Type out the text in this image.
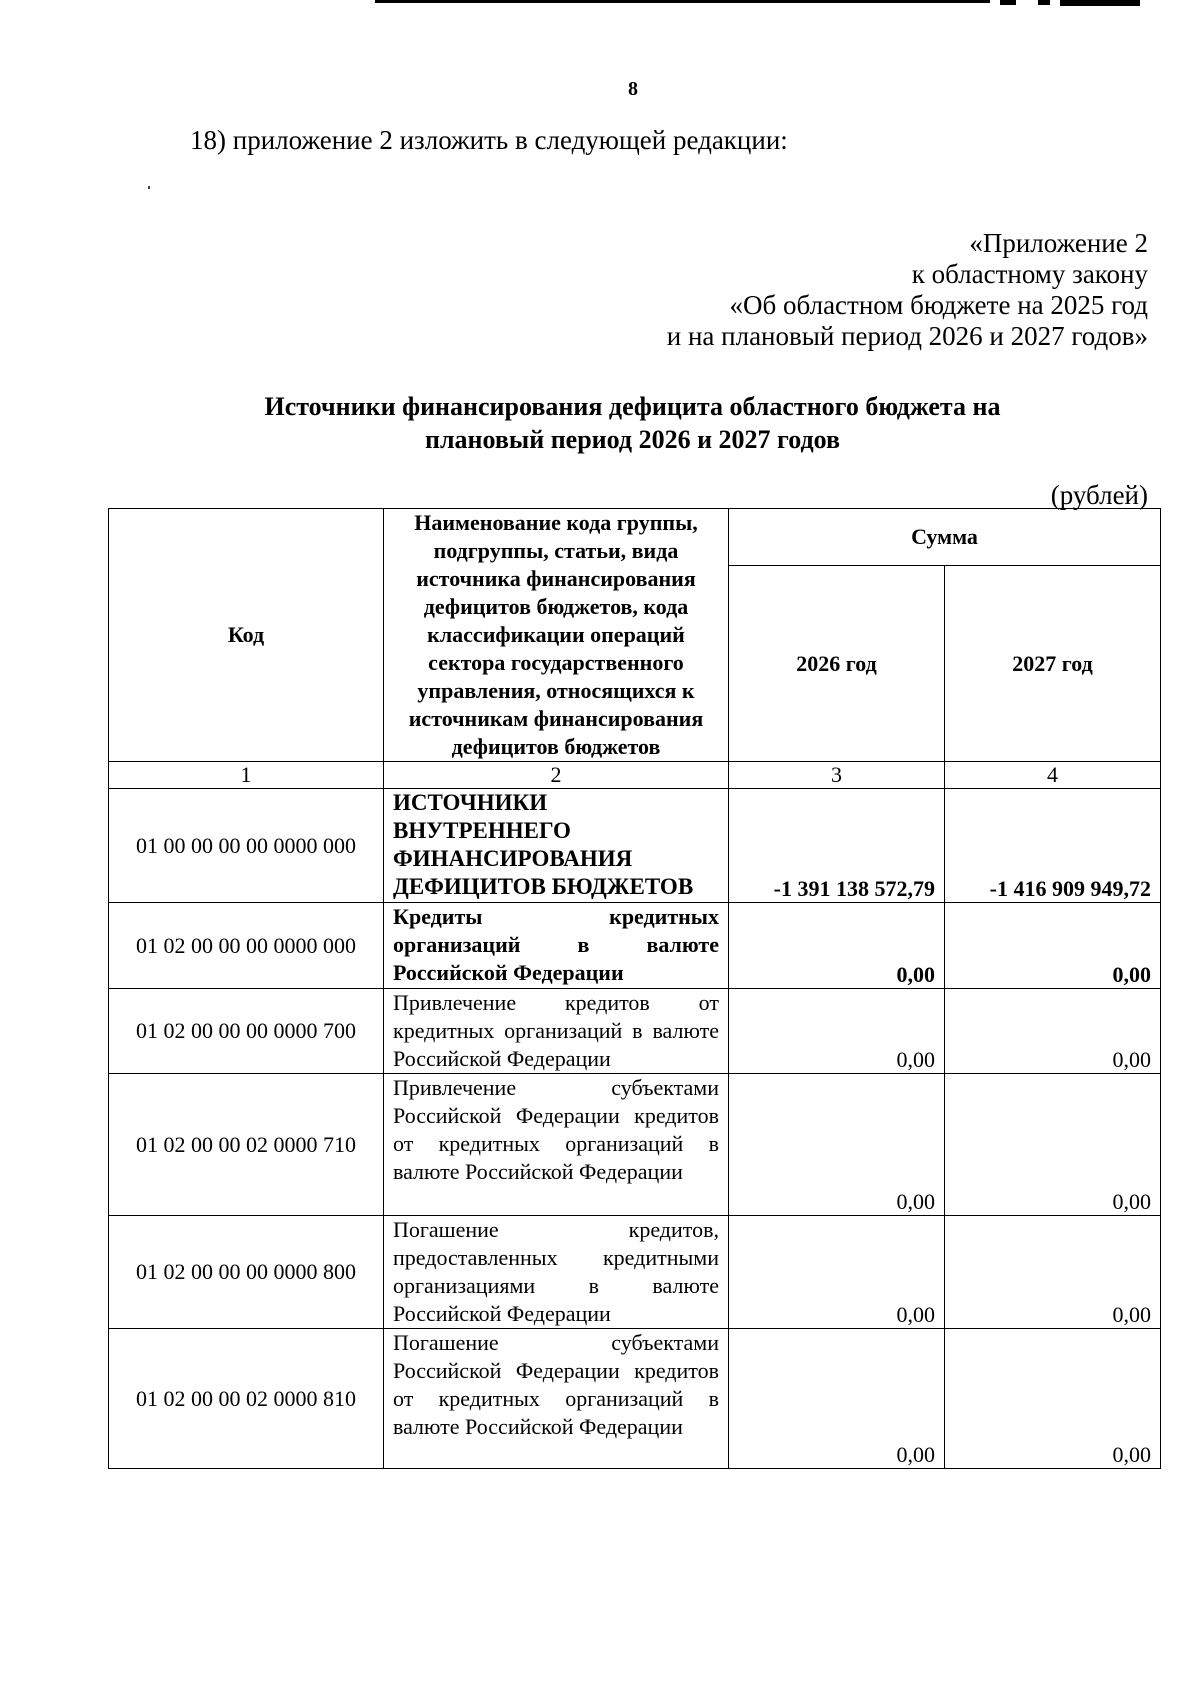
8
18) приложение 2 изложить в следующей редакции:
«Приложение 2
к областному закону
«Об областном бюджете на 2025 год
и на плановый период 2026 и 2027 годов»
Источники финансирования дефицита областного бюджета на
плановый период 2026 и 2027 годов
(рублей)
Код	Наименование кода группы, подгруппы, статьи, вида источника финансирования дефицитов бюджетов, кода классификации операций сектора государственного управления, относящихся к источникам финансирования дефицитов бюджетов	Сумма	
		2026 год	2027 год
1	2	3	4
01 00 00 00 00 0000 000	ИСТОЧНИКИ ВНУТРЕННЕГО ФИНАНСИРОВАНИЯ ДЕФИЦИТОВ БЮДЖЕТОВ	-1 391 138 572,79	-1 416 909 949,72
01 02 00 00 00 0000 000	Кредиты кредитных организаций в валюте Российской Федерации	0,00	0,00
01 02 00 00 00 0000 700	Привлечение кредитов от кредитных организаций в валюте Российской Федерации	0,00	0,00
01 02 00 00 02 0000 710	Привлечение субъектами Российской Федерации кредитов от кредитных организаций в валюте Российской Федерации	0,00	0,00
01 02 00 00 00 0000 800	Погашение кредитов, предоставленных кредитными организациями в валюте Российской Федерации	0,00	0,00
01 02 00 00 02 0000 810	Погашение субъектами Российской Федерации кредитов от кредитных организаций в валюте Российской Федерации	0,00	0,00
